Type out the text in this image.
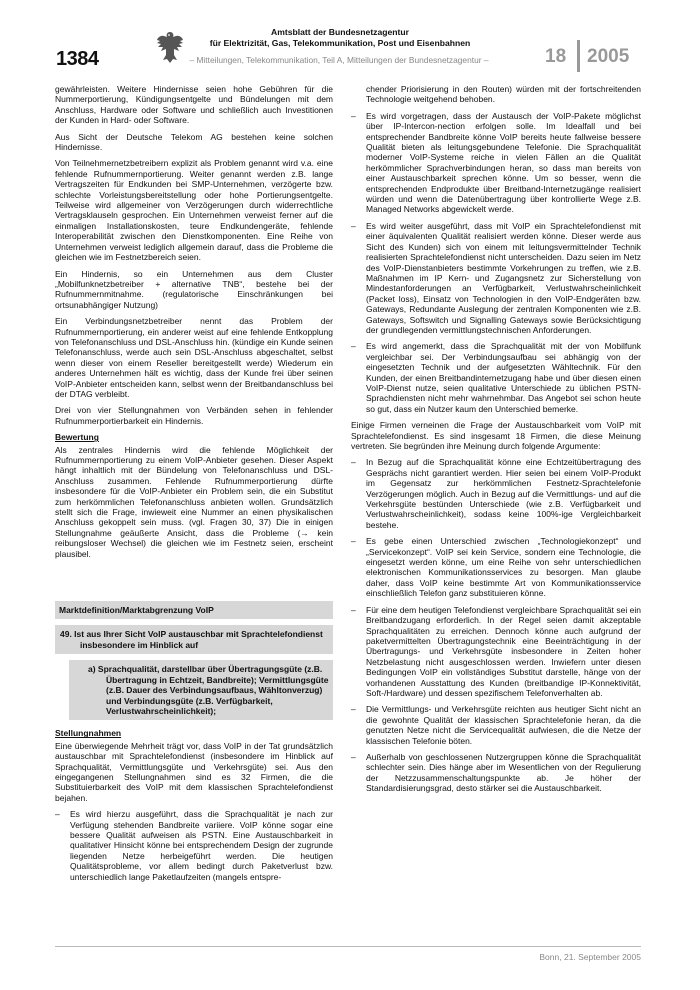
1384
Amtsblatt der Bundesnetzagentur
für Elektrizität, Gas, Telekommunikation, Post und Eisenbahnen
– Mitteilungen, Telekommunikation, Teil A, Mitteilungen der Bundesnetzagentur –	18 2005

gewährleisten. Weitere Hindernisse seien hohe Gebühren für die Nummerportierung, Kündigungsentgelte und Bündelungen mit dem Anschluss, Hardware oder Software und schließlich auch Investitionen der Kunden in Hard- oder Software.

Aus Sicht der Deutsche Telekom AG bestehen keine solchen Hindernisse.

Von Teilnehmernetzbetreibern explizit als Problem genannt wird v.a. eine fehlende Rufnummernportierung. Weiter genannt werden z.B. lange Vertragszeiten für Endkunden bei SMP-Unternehmen, verzögerte bzw. schlechte Vorleistungsbereitstellung oder hohe Portierungsentgelte. Teilweise wird allgemeiner von Verzögerungen durch widerrechtliche Vertragsklauseln gesprochen. Ein Unternehmen verweist ferner auf die einmaligen Installationskosten, teure Endkundengeräte, fehlende Interoperabilität zwischen den Dienstkomponenten. Eine Reihe von Unternehmen verweist lediglich allgemein darauf, dass die Probleme die gleichen wie im Festnetzbereich seien.

Ein Hindernis, so ein Unternehmen aus dem Cluster „Mobilfunknetzbetreiber + alternative TNB“, bestehe bei der Rufnummernmitnahme. (regulatorische Einschränkungen bei ortsunabhängiger Nutzung)

Ein Verbindungsnetzbetreiber nennt das Problem der Rufnummernportierung, ein anderer weist auf eine fehlende Entkopplung von Telefonanschluss und DSL-Anschluss hin. (kündige ein Kunde seinen Telefonanschluss, werde auch sein DSL-Anschluss abgeschaltet, selbst wenn dieser von einem Reseller bereitgestellt werde) Wiederum ein anderes Unternehmen hält es wichtig, dass der Kunde frei über seinen VoIP-Anbieter entscheiden kann, selbst wenn der Breitbandanschluss bei der DTAG verbleibt.

Drei von vier Stellungnahmen von Verbänden sehen in fehlender Rufnummerportierbarkeit ein Hindernis.

Bewertung

Als zentrales Hindernis wird die fehlende Möglichkeit der Rufnummernportierung zu einem VoIP-Anbieter gesehen. Dieser Aspekt hängt inhaltlich mit der Bündelung von Telefonanschluss und DSL-Anschluss zusammen. Fehlende Rufnummerportierung dürfte insbesondere für die VoIP-Anbieter ein Problem sein, die ein Substitut zum herkömmlichen Telefonanschluss anbieten wollen. Grundsätzlich stellt sich die Frage, inwieweit eine Nummer an einen physikalischen Anschluss gekoppelt sein muss. (vgl. Fragen 30, 37) Die in einigen Stellungnahme geäußerte Ansicht, dass die Probleme (→ kein reibungsloser Wechsel) die gleichen wie im Festnetz seien, erscheint plausibel.

Marktdefinition/Marktabgrenzung VoIP
49. Ist aus Ihrer Sicht VoIP austauschbar mit Sprachtelefondienst insbesondere im Hinblick auf
a) Sprachqualität, darstellbar über Übertragungsgüte (z.B. Übertragung in Echtzeit, Bandbreite); Vermittlungsgüte (z.B. Dauer des Verbindungsaufbaus, Wähltonverzug) und Verbindungsgüte (z.B. Verfügbarkeit, Verlustwahrscheinlichkeit);
Stellungnahmen

Eine überwiegende Mehrheit trägt vor, dass VoIP in der Tat grundsätzlich austauschbar mit Sprachtelefondienst (insbesondere im Hinblick auf Sprachqualität, Vermittlungsgüte und Verkehrsgüte) sei. Aus den eingegangenen Stellungnahmen sind es 32 Firmen, die die Substituierbarkeit des VoIP mit dem klassischen Sprachtelefondienst bejahen.

– Es wird hierzu ausgeführt, dass die Sprachqualität je nach zur Verfügung stehenden Bandbreite variiere. VoIP könne sogar eine bessere Qualität aufweisen als PSTN. Eine Austauschbarkeit in qualitativer Hinsicht könne bei entsprechendem Design der zugrunde liegenden Netze herbeigeführt werden. Die heutigen Qualitätsprobleme, vor allem bedingt durch Paketverlust bzw. unterschiedlich lange Paketlaufzeiten (mangels entspre-

chender Priorisierung in den Routen) würden mit der fortschreitenden Technologie weitgehend behoben.

– Es wird vorgetragen, dass der Austausch der VoIP-Pakete möglichst über IP-Intercon-nection erfolgen solle. Im Idealfall und bei entsprechender Bandbreite könne VoIP bereits heute fallweise bessere Qualität bieten als leitungsgebundene Telefonie. Die Sprachqualität moderner VoIP-Systeme reiche in vielen Fällen an die Qualität herkömmlicher Sprachverbindungen heran, so dass man bereits von einer Austauschbarkeit sprechen könne. Um so besser, wenn die entsprechenden Endprodukte über Breitband-Internetzugänge realisiert würden und wenn die Datenübertragung über kontrollierte Wege z.B. Managed Networks abgewickelt werde.
– Es wird weiter ausgeführt, dass mit VoIP ein Sprachtelefondienst mit einer äquivalenten Qualität realisiert werden könne. Dieser werde aus Sicht des Kunden) sich von einem mit leitungsvermittelnder Technik realisierten Sprachtelefondienst nicht unterscheiden. Dazu seien im Netz des VoIP-Dienstanbieters bestimmte Vorkehrungen zu treffen, wie z.B. Maßnahmen im IP Kern- und Zugangsnetz zur Sicherstellung von Mindestanforderungen an Verfügbarkeit, Verlustwahrscheinlichkeit (Packet loss), Einsatz von Technologien in den VoIP-Endgeräten bzw. Gateways, Redundante Auslegung der zentralen Komponenten wie z.B. Gateways, Softswitch und Signalling Gateways sowie Berücksichtigung der grundlegenden vermittlungstechnischen Anforderungen.
– Es wird angemerkt, dass die Sprachqualität mit der von Mobilfunk vergleichbar sei. Der Verbindungsaufbau sei abhängig von der eingesetzten Technik und der aufgesetzten Wähltechnik. Für den Kunden, der einen Breitbandinternetzugang habe und über diesen einen VoIP-Dienst nutze, seien qualitative Unterschiede zu üblichen PSTN-Sprachdiensten nicht mehr wahrnehmbar. Das Angebot sei schon heute so gut, dass ein Nutzer kaum den Unterschied bemerke.

Einige Firmen verneinen die Frage der Austauschbarkeit vom VoIP mit Sprachtelefondienst. Es sind insgesamt 18 Firmen, die diese Meinung vertreten. Sie begründen ihre Meinung durch folgende Argumente:

– In Bezug auf die Sprachqualität könne eine Echtzeitübertragung des Gesprächs nicht garantiert werden. Hier seien bei einem VoIP-Produkt im Gegensatz zur herkömmlichen Festnetz-Sprachtelefonie Verzögerungen möglich. Auch in Bezug auf die Vermittlungs- und auf die Verkehrsgüte bestünden Unterschiede (wie z.B. Verfügbarkeit und Verlustwahrscheinlichkeit), sodass keine 100%-ige Vergleichbarkeit bestehe.
– Es gebe einen Unterschied zwischen „Technologiekonzept“ und „Servicekonzept“. VoIP sei kein Service, sondern eine Technologie, die eingesetzt werden könne, um eine Reihe von sehr unterschiedlichen elektronischen Kommunikationsservices zu besorgen. Man glaube daher, dass VoIP keine bestimmte Art von Kommunikationsservice einschließlich Telefon ganz substituieren könne.
– Für eine dem heutigen Telefondienst vergleichbare Sprachqualität sei ein Breitbandzugang erforderlich. In der Regel seien damit akzeptable Sprachqualitäten zu erreichen. Dennoch könne auch aufgrund der paketvermittelten Übertragungstechnik eine Beeinträchtigung in der Übertragungs- und Verkehrsgüte insbesondere in Zeiten hoher Netzbelastung nicht ausgeschlossen werden. Inwiefern unter diesen Bedingungen VoIP ein vollständiges Substitut darstelle, hänge von der vorhandenen Ausstattung des Kunden (breitbandige IP-Konnektivität, Soft-/Hardware) und dessen spezifischem Telefonverhalten ab.
– Die Vermittlungs- und Verkehrsgüte reichten aus heutiger Sicht nicht an die gewohnte Qualität der klassischen Sprachtelefonie heran, da die genutzten Netze nicht die Servicequalität aufwiesen, die die Netze der klassischen Telefonie böten.
– Außerhalb von geschlossenen Nutzergruppen könne die Sprachqualität schlechter sein. Dies hänge aber im Wesentlichen von der Regulierung der Netzzusammenschaltungspunkte ab. Je höher der Standardisierungsgrad, desto stärker sei die Austauschbarkeit.
Bonn, 21. September 2005
